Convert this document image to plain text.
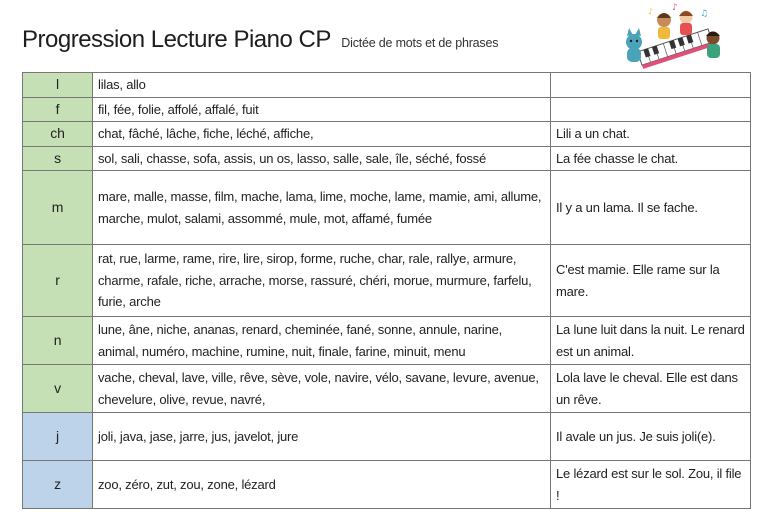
Progression Lecture Piano CP Dictée de mots et de phrases
♪
♫
♪
l	lilas, allo	
f	fil, fée, folie, affolé, affalé, fuit	
ch	chat, fâché, lâche, fiche, léché, affiche,	Lili a un chat.
s	sol, sali, chasse, sofa, assis, un os, lasso, salle, sale, île, séché, fossé	La fée chasse le chat.
m	mare, malle, masse, film, mache, lama, lime, moche, lame, mamie, ami, allume, marche, mulot, salami, assommé, mule, mot, affamé, fumée	Il y a un lama. Il se fache.
r	rat, rue, larme, rame, rire, lire, sirop, forme, ruche, char, rale, rallye, armure, charme, rafale, riche, arrache, morse, rassuré, chéri, morue, murmure, farfelu, furie, arche	C'est mamie. Elle rame sur la mare.
n	lune, âne, niche, ananas, renard, cheminée, fané, sonne, annule, narine, animal, numéro, machine, rumine, nuit, finale, farine, minuit, menu	La lune luit dans la nuit. Le renard est un animal.
v	vache, cheval, lave, ville, rêve, sève, vole, navire, vélo, savane, levure, avenue, chevelure, olive, revue, navré,	Lola lave le cheval. Elle est dans un rêve.
j	joli, java, jase, jarre, jus, javelot, jure	Il avale un jus. Je suis joli(e).
z	zoo, zéro, zut, zou, zone, lézard	Le lézard est sur le sol. Zou, il file !
